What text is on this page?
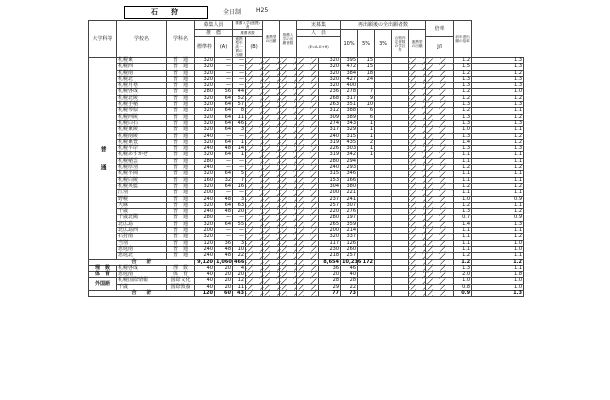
石　狩	全日制 H25
大学科等	学校名	学科名	募集人員		推薦入学(連携)者		連携型の出願	推薦入学の出願者数	実募集		再出願後の全出願者数					倍率	前年度出願の倍率	
			推　薦		推薦者数				人　員		10%	5%	3%	合格内定者数の学区外	連携型の出願			
			標準枠	(A)	連携型中高一貫の出願	(B)			(E=A-G+H)							J/I		
普　　通	札幌東	普　通	320	—	—					320	395	15					1.2	1.3
	札幌西	普　通	320	—	—					320	472	15					1.5	1.3
	札幌南	普　通	320	—	—					320	384	18					1.2	1.2
	札幌北	普　通	320	—	—					320	427	24					1.3	1.3
	札幌月寒	普　通	320	—	—					320	400						1.3	1.3
	札幌啓成	普　通	280	56	44					236	278	7					1.2	1.0
	札幌北陵	普　通	320	64	52					268	317	9					1.2	1.2
	札幌手稲	普　通	320	64	57					263	351	10					1.3	1.3
	札幌琴似	普　通	320	64	8					312	388	6					1.2	1.1
	札幌西陵	普　通	320	64	11					309	389	6					1.3	1.2
	札幌白石	普　通	320	64	46					274	343	1					1.3	1.3
	札幌東陵	普　通	320	64	3					317	329	1					1.0	1.1
	札幌南陵	普　通	240	—	—					240	315	1					1.3	1.2
	札幌東豊	普　通	320	64	1					319	435	2					1.4	1.2
	札幌平岸	普　通	240	48	14					226	303	1					1.3	1.3
	札幌あすかぜ	普　通	320	64	1					319	342	1					1.1	1.1
	札幌稲雲	普　通	280	—	—					280	294						1.1	1.1
	札幌厚別	普　通	240	—	—					240	293						1.2	1.2
	札幌平岡	普　通	320	64	5					315	346						1.1	1.1
	札幌白陵	普　通	160	32	7					153	166						1.1	1.1
	札幌英藍	普　通	320	64	16					304	380						1.2	1.2
	江別	普　通	200	—	—					200	221						1.1	1.1
	野幌	普　通	240	48	3					237	241						1.0	0.9
	大麻	普　通	320	64	63					257	307						1.2	1.1
	千歳	普　通	240	48	20					220	276						1.3	1.2
	千歳北陽	普　通	280	—	—					280	197						0.7	0.9
	北広島	普　通	320	64	55					265	359						1.4	1.3
	北広島西	普　通	200	—	—					200	214						1.1	1.1
	石狩南	普　通	320	—	—					320	337						1.1	1.2
	当別	普　通	120	36	3					117	126						1.1	1.0
	恵庭南	普　通	240	48	10					230	260						1.1	1.0
	恵庭北	普　通	240	48	22					218	257						1.2	1.1
合　　計			9,120	1,060	466					8,654	10,236	172					1.2	1.2
理　数	札幌啓成	理　数	40	20	4					36	46						1.3	1.1
体　育	恵庭南	体　育	40	20	20					20	40						2.0	1.8
外国語	札幌国際情報	国際文化	40	20	12					28	28						1.0	1.0
	千歳	国際教養	40	20	11					29	22						0.8	1.0
合　　計			120	60	43					77	73						0.9	1.3
